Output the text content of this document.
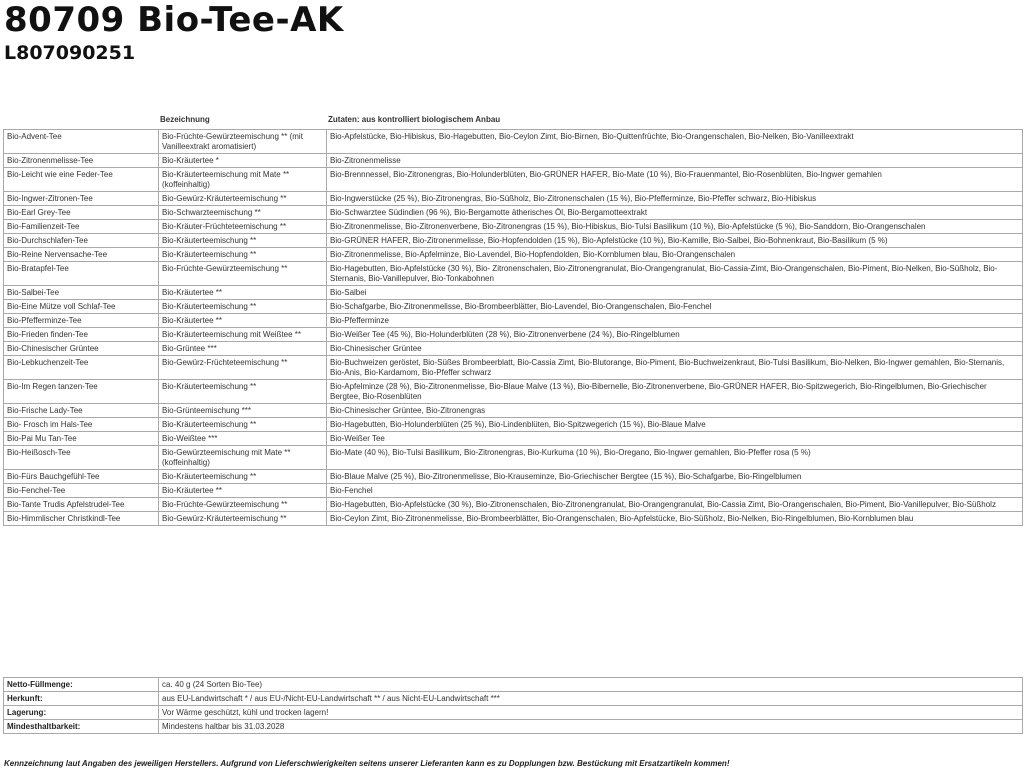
80709 Bio-Tee-AK
L807090251
Bezeichnung	Zutaten: aus kontrolliert biologischem Anbau
Bio-Advent-Tee	Bio-Früchte-Gewürzteemischung ** (mit Vanilleextrakt aromatisiert)	Bio-Apfelstücke, Bio-Hibiskus, Bio-Hagebutten, Bio-Ceylon Zimt, Bio-Birnen, Bio-Quittenfrüchte, Bio-Orangenschalen, Bio-Nelken, Bio-Vanilleextrakt
Bio-Zitronenmelisse-Tee	Bio-Kräutertee *	Bio-Zitronenmelisse
Bio-Leicht wie eine Feder-Tee	Bio-Kräuterteemischung mit Mate ** (koffeinhaltig)	Bio-Brennnessel, Bio-Zitronengras, Bio-Holunderblüten, Bio-GRÜNER HAFER, Bio-Mate (10 %), Bio-Frauenmantel, Bio-Rosenblüten, Bio-Ingwer gemahlen
Bio-Ingwer-Zitronen-Tee	Bio-Gewürz-Kräuterteemischung **	Bio-Ingwerstücke (25 %), Bio-Zitronengras, Bio-Süßholz, Bio-Zitronenschalen (15 %), Bio-Pfefferminze, Bio-Pfeffer schwarz, Bio-Hibiskus
Bio-Earl Grey-Tee	Bio-Schwarzteemischung **	Bio-Schwarztee Südindien (96 %), Bio-Bergamotte ätherisches Öl, Bio-Bergamotteextrakt
Bio-Familienzeit-Tee	Bio-Kräuter-Früchteteemischung **	Bio-Zitronenmelisse, Bio-Zitronenverbene, Bio-Zitronengras (15 %), Bio-Hibiskus, Bio-Tulsi Basilikum (10 %), Bio-Apfelstücke (5 %), Bio-Sanddorn, Bio-Orangenschalen
Bio-Durchschlafen-Tee	Bio-Kräuterteemischung **	Bio-GRÜNER HAFER, Bio-Zitronenmelisse, Bio-Hopfendolden (15 %), Bio-Apfelstücke (10 %), Bio-Kamille, Bio-Salbei, Bio-Bohnenkraut, Bio-Basilikum (5 %)
Bio-Reine Nervensache-Tee	Bio-Kräuterteemischung **	Bio-Zitronenmelisse, Bio-Apfelminze, Bio-Lavendel, Bio-Hopfendolden, Bio-Kornblumen blau, Bio-Orangenschalen
Bio-Bratapfel-Tee	Bio-Früchte-Gewürzteemischung **	Bio-Hagebutten, Bio-Apfelstücke (30 %), Bio- Zitronenschalen, Bio-Zitronengranulat, Bio-Orangengranulat, Bio-Cassia-Zimt, Bio-Orangenschalen, Bio-Piment, Bio-Nelken, Bio-Süßholz, Bio-Sternanis, Bio-Vanillepulver, Bio-Tonkabohnen
Bio-Salbei-Tee	Bio-Kräutertee **	Bio-Salbei
Bio-Eine Mütze voll Schlaf-Tee	Bio-Kräuterteemischung **	Bio-Schafgarbe, Bio-Zitronenmelisse, Bio-Brombeerblätter, Bio-Lavendel, Bio-Orangenschalen, Bio-Fenchel
Bio-Pfefferminze-Tee	Bio-Kräutertee **	Bio-Pfefferminze
Bio-Frieden finden-Tee	Bio-Kräuterteemischung mit Weißtee **	Bio-Weißer Tee (45 %), Bio-Holunderblüten (28 %), Bio-Zitronenverbene (24 %), Bio-Ringelblumen
Bio-Chinesischer Grüntee	Bio-Grüntee ***	Bio-Chinesischer Grüntee
Bio-Lebkuchenzeit-Tee	Bio-Gewürz-Früchteteemischung **	Bio-Buchweizen geröstet, Bio-Süßes Brombeerblatt, Bio-Cassia Zimt, Bio-Blutorange, Bio-Piment, Bio-Buchweizenkraut, Bio-Tulsi Basilikum, Bio-Nelken, Bio-Ingwer gemahlen, Bio-Sternanis, Bio-Anis, Bio-Kardamom, Bio-Pfeffer schwarz
Bio-Im Regen tanzen-Tee	Bio-Kräuterteemischung **	Bio-Apfelminze (28 %), Bio-Zitronenmelisse, Bio-Blaue Malve (13 %), Bio-Bibernelle, Bio-Zitronenverbene, Bio-GRÜNER HAFER, Bio-Spitzwegerich, Bio-Ringelblumen, Bio-Griechischer Bergtee, Bio-Rosenblüten
Bio-Frische Lady-Tee	Bio-Grünteemischung ***	Bio-Chinesischer Grüntee, Bio-Zitronengras
Bio- Frosch im Hals-Tee	Bio-Kräuterteemischung **	Bio-Hagebutten, Bio-Holunderblüten (25 %), Bio-Lindenblüten, Bio-Spitzwegerich (15 %), Bio-Blaue Malve
Bio-Pai Mu Tan-Tee	Bio-Weißtee ***	Bio-Weißer Tee
Bio-Heißosch-Tee	Bio-Gewürzteemischung mit Mate ** (koffeinhaltig)	Bio-Mate (40 %), Bio-Tulsi Basilikum, Bio-Zitronengras, Bio-Kurkuma (10 %), Bio-Oregano, Bio-Ingwer gemahlen, Bio-Pfeffer rosa (5 %)
Bio-Fürs Bauchgefühl-Tee	Bio-Kräuterteemischung **	Bio-Blaue Malve (25 %), Bio-Zitronenmelisse, Bio-Krauseminze, Bio-Griechischer Bergtee (15 %), Bio-Schafgarbe, Bio-Ringelblumen
Bio-Fenchel-Tee	Bio-Kräutertee **	Bio-Fenchel
Bio-Tante Trudis Apfelstrudel-Tee	Bio-Früchte-Gewürzteemischung **	Bio-Hagebutten, Bio-Apfelstücke (30 %), Bio-Zitronenschalen, Bio-Zitronengranulat, Bio-Orangengranulat, Bio-Cassia Zimt, Bio-Orangenschalen, Bio-Piment, Bio-Vanillepulver, Bio-Süßholz
Bio-Himmlischer Christkindl-Tee	Bio-Gewürz-Kräuterteemischung **	Bio-Ceylon Zimt, Bio-Zitronenmelisse, Bio-Brombeerblätter, Bio-Orangenschalen, Bio-Apfelstücke, Bio-Süßholz, Bio-Nelken, Bio-Ringelblumen, Bio-Kornblumen blau
Netto-Füllmenge:	ca. 40 g (24 Sorten Bio-Tee)
Herkunft:	aus EU-Landwirtschaft * / aus EU-/Nicht-EU-Landwirtschaft ** / aus Nicht-EU-Landwirtschaft ***
Lagerung:	Vor Wärme geschützt, kühl und trocken lagern!
Mindesthaltbarkeit:	Mindestens haltbar bis 31.03.2028
Kennzeichnung laut Angaben des jeweiligen Herstellers. Aufgrund von Lieferschwierigkeiten seitens unserer Lieferanten kann es zu Dopplungen bzw. Bestückung mit Ersatzartikeln kommen!
